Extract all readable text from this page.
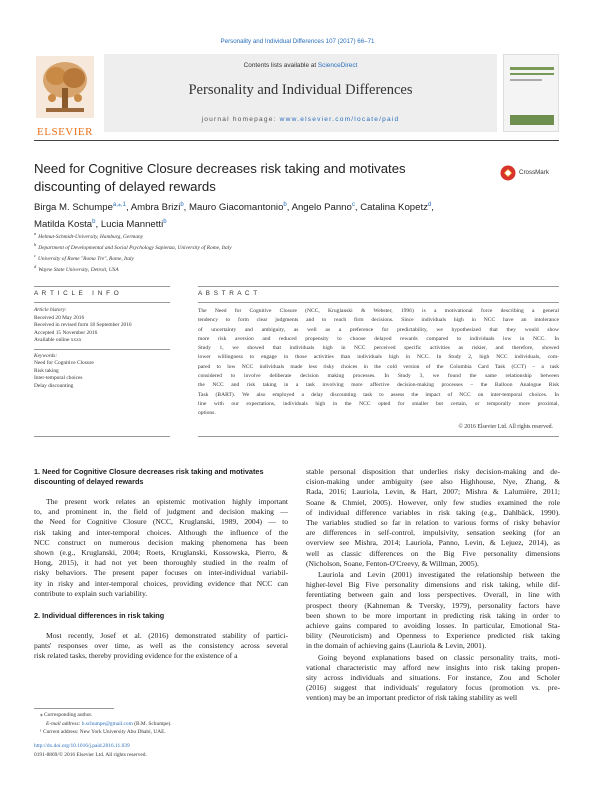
Personality and Individual Differences 107 (2017) 66–71
ELSEVIER
Contents lists available at ScienceDirect
Personality and Individual Differences
journal homepage: www.elsevier.com/locate/paid
Need for Cognitive Closure decreases risk taking and motivates
discounting of delayed rewards
CrossMark
Birga M. Schumpe$^{a,⁎,1}$, Ambra Brizi$^b$, Mauro Giacomantonio$^b$, Angelo Panno$^c$, Catalina Kopetz$^d$,
Matilda Kosta$^b$, Lucia Mannetti$^b$
$^a$Helmut-Schmidt-University, Hamburg, Germany
$^b$Department of Developmental and Social Psychology Sapienza, University of Rome, Italy
$^c$University of Rome "Roma Tre", Rome, Italy
$^d$Wayne State University, Detroit, USA
A R T I C L E   I N F O	A B S T R A C T
Article history:
Received 20 May 2016
Received in revised form 18 September 2016
Accepted 15 November 2016
Available online xxxx
Keywords:
Need for Cognitive Closure
Risk taking
Inter-temporal choices
Delay discounting
The Need for Cognitive Closure (NCC, Kruglanski & Webster, 1996) is a motivational force describing a general
tendency to form clear judgments and to reach firm decisions. Since individuals high in NCC have an intolerance
of uncertainty and ambiguity, as well as a preference for predictability, we hypothesized that they would show
more risk aversion and reduced propensity to choose delayed rewards compared to individuals low in NCC. In
Study 1, we showed that individuals high in NCC perceived specific activities as riskier, and therefore, showed
lower willingness to engage in those activities than individuals high in NCC. In Study 2, high NCC individuals, com-
pared to low NCC individuals made less risky choices in the cold version of the Columbia Card Task (CCT) – a task
considered to involve deliberate decision making processes. In Study 3, we found the same relationship between
the NCC and risk taking in a task involving more affective decision-making processes – the Balloon Analogue Risk
Task (BART). We also employed a delay discounting task to assess the impact of NCC on inter-temporal choices. In
line with our expectations, individuals high in the NCC opted for smaller but certain, or temporally more proximal,
options.
© 2016 Elsevier Ltd. All rights reserved.
1. Need for Cognitive Closure decreases risk taking and motivates
discounting of delayed rewards
The present work relates an epistemic motivation highly important
to, and prominent in, the field of judgment and decision making —
the Need for Cognitive Closure (NCC, Kruglanski, 1989, 2004) — to
risk taking and inter-temporal choices. Although the influence of the
NCC construct on numerous decision making phenomena has been
shown (e.g., Kruglanski, 2004; Roets, Kruglanski, Kossowska, Pierro, &
Hong, 2015), it had not yet been thoroughly studied in the realm of
risky behaviors. The present paper focuses on inter-individual variabil-
ity in risky and inter-temporal choices, providing evidence that NCC can
contribute to explain such variability.
2. Individual differences in risk taking
Most recently, Josef et al. (2016) demonstrated stability of partici-
pants' responses over time, as well as the consistency across several
risk related tasks, thereby providing evidence for the existence of a
⁎ Corresponding author.
E-mail address: b.schumpe@gmail.com (B.M. Schumpe).
¹ Current address: New York University Abu Dhabi, UAE.
http://dx.doi.org/10.1016/j.paid.2016.11.039
0191-8869/© 2016 Elsevier Ltd. All rights reserved.
stable personal disposition that underlies risky decision-making and de-
cision-making under ambiguity (see also Highhouse, Nye, Zhang, &
Rada, 2016; Lauriola, Levin, & Hart, 2007; Mishra & Lalumière, 2011;
Soane & Chmiel, 2005). However, only few studies examined the role
of individual difference variables in risk taking (e.g., Dahlbäck, 1990).
The variables studied so far in relation to various forms of risky behavior
are differences in self-control, impulsivity, sensation seeking (for an
overview see Mishra, 2014; Lauriola, Panno, Levin, & Lejuez, 2014), as
well as classic differences on the Big Five personality dimensions
(Nicholson, Soane, Fenton-O'Creevy, & Willman, 2005).
Lauriola and Levin (2001) investigated the relationship between the
higher-level Big Five personality dimensions and risk taking, while dif-
ferentiating between gain and loss perspectives. Overall, in line with
prospect theory (Kahneman & Tversky, 1979), personality factors have
been shown to be more important in predicting risk taking in order to
achieve gains compared to avoiding losses. In particular, Emotional Sta-
bility (Neuroticism) and Openness to Experience predicted risk taking
in the domain of achieving gains (Lauriola & Levin, 2001).
Going beyond explanations based on classic personality traits, moti-
vational characteristic may afford new insights into risk taking propen-
sity across individuals and situations. For instance, Zou and Scholer
(2016) suggest that individuals' regulatory focus (promotion vs. pre-
vention) may be an important predictor of risk taking stability as well
